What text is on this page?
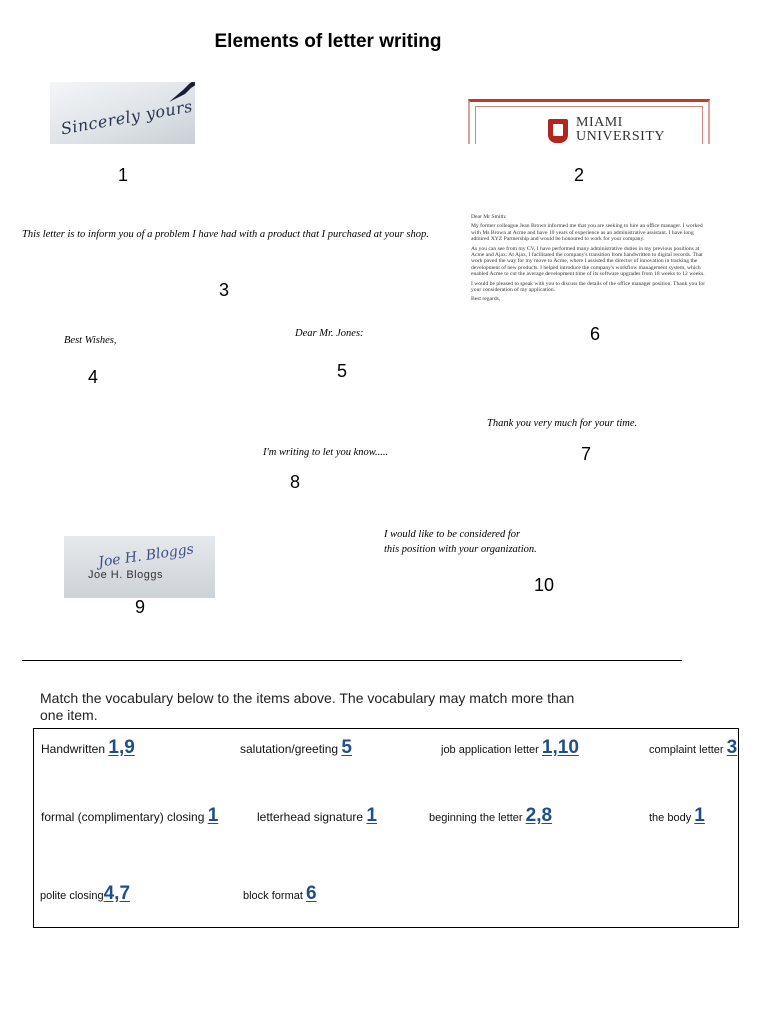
Elements of letter writing
Sincerely yours	MIAMI
UNIVERSITY
1	2
This letter is to inform you of a problem I have had with a product that I purchased at your shop.
3

Dear Mr Smith:

My former colleague Jean Brown informed me that you are seeking to hire an office manager. I worked with Ms Brown at Acme and have 10 years of experience as an administrative assistant. I have long admired XYZ Partnership and would be honoured to work for your company.

As you can see from my CV, I have performed many administrative duties in my previous positions at Acme and Ajax. At Ajax, I facilitated the company's transition from handwritten to digital records. That work paved the way for my move to Acme, where I assisted the director of innovation in tracking the development of new products. I helped introduce the company's workflow management system, which enabled Acme to cut the average development time of its software upgrades from 18 weeks to 12 weeks.

I would be pleased to speak with you to discuss the details of the office manager position. Thank you for your consideration of my application.

Best regards,

6
Best Wishes,
Dear Mr. Jones:
4	5
Thank you very much for your time.
7
I'm writing to let you know.....
8
I would like to be considered for
this position with your organization.
10
Joe H. Bloggs
Joe H. Bloggs
9
Match the vocabulary below to the items above. The vocabulary may match more than one item.
Handwritten 1,9	salutation/greeting 5	job application letter 1,10	complaint letter 3
formal (complimentary) closing 1	letterhead signature 1	beginning the letter 2,8	the body 1
polite closing4,7	block format 6
